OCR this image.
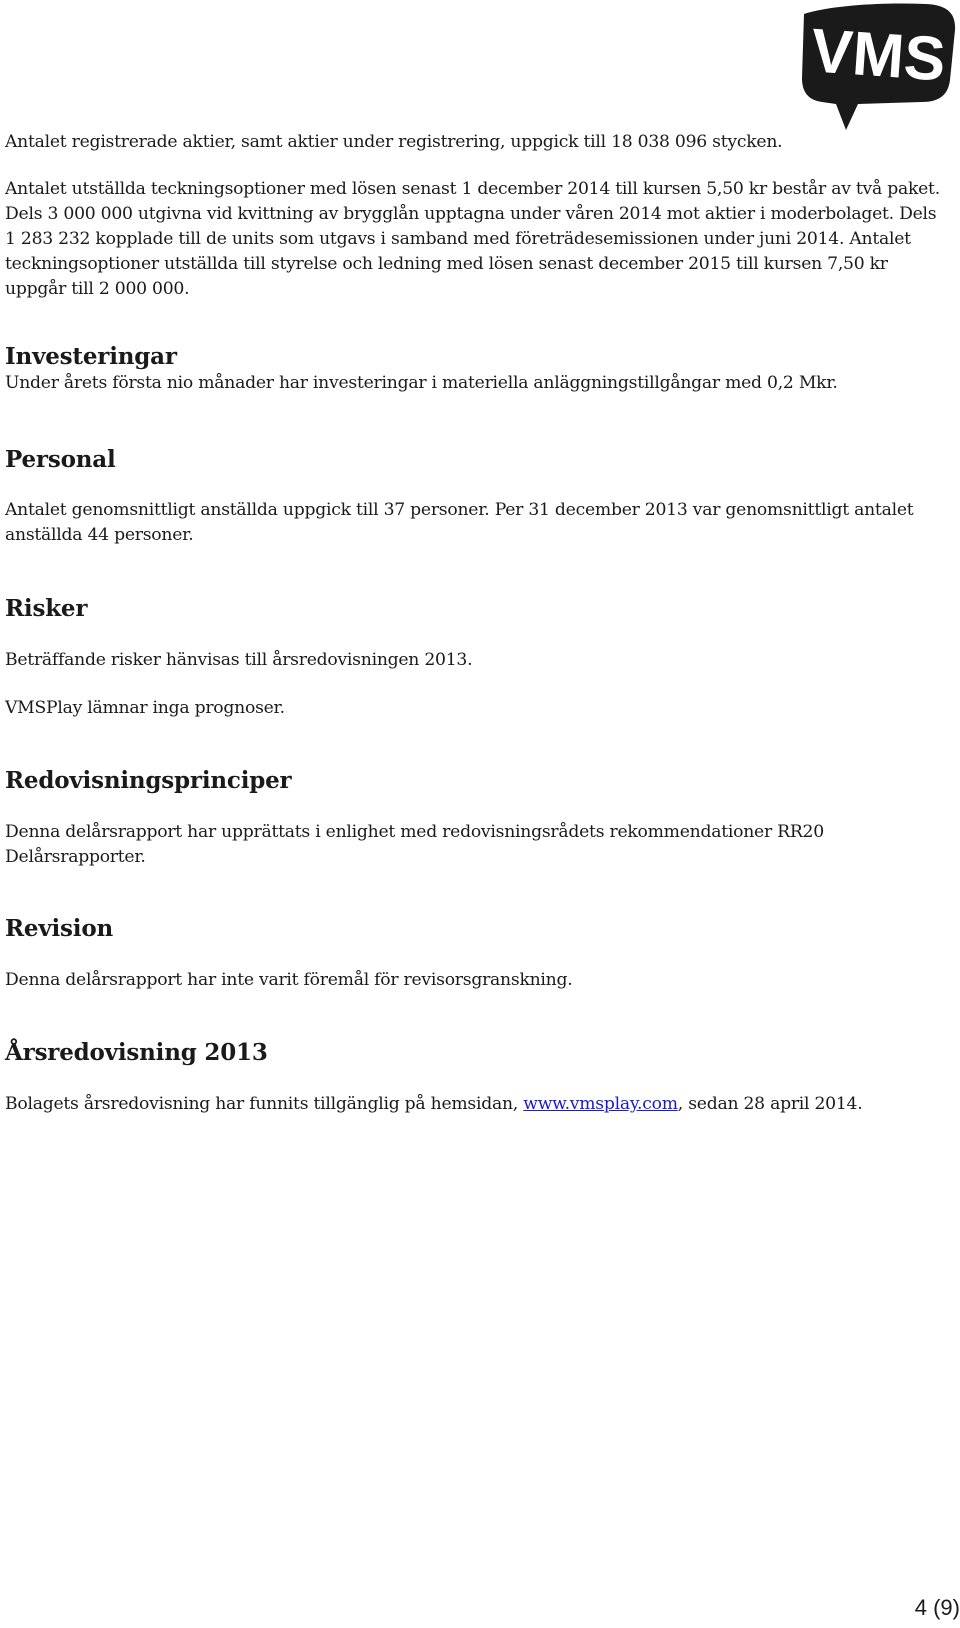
VMS

Antalet registrerade aktier, samt aktier under registrering, uppgick till 18 038 096 stycken.

Antalet utställda teckningsoptioner med lösen senast 1 december 2014 till kursen 5,50 kr består av två paket. Dels 3 000 000 utgivna vid kvittning av brygglån upptagna under våren 2014 mot aktier i moderbolaget. Dels 1 283 232 kopplade till de units som utgavs i samband med företrädesemissionen under juni 2014. Antalet teckningsoptioner utställda till styrelse och ledning med lösen senast december 2015 till kursen 7,50 kr uppgår till 2 000 000.

Investeringar

Under årets första nio månader har investeringar i materiella anläggningstillgångar med 0,2 Mkr.

Personal

Antalet genomsnittligt anställda uppgick till 37 personer. Per 31 december 2013 var genomsnittligt antalet anställda 44 personer.

Risker

Beträffande risker hänvisas till årsredovisningen 2013.

VMSPlay lämnar inga prognoser.

Redovisningsprinciper

Denna delårsrapport har upprättats i enlighet med redovisningsrådets rekommendationer RR20 Delårsrapporter.

Revision

Denna delårsrapport har inte varit föremål för revisorsgranskning.

Årsredovisning 2013

Bolagets årsredovisning har funnits tillgänglig på hemsidan, www.vmsplay.com, sedan 28 april 2014.

4 (9)
